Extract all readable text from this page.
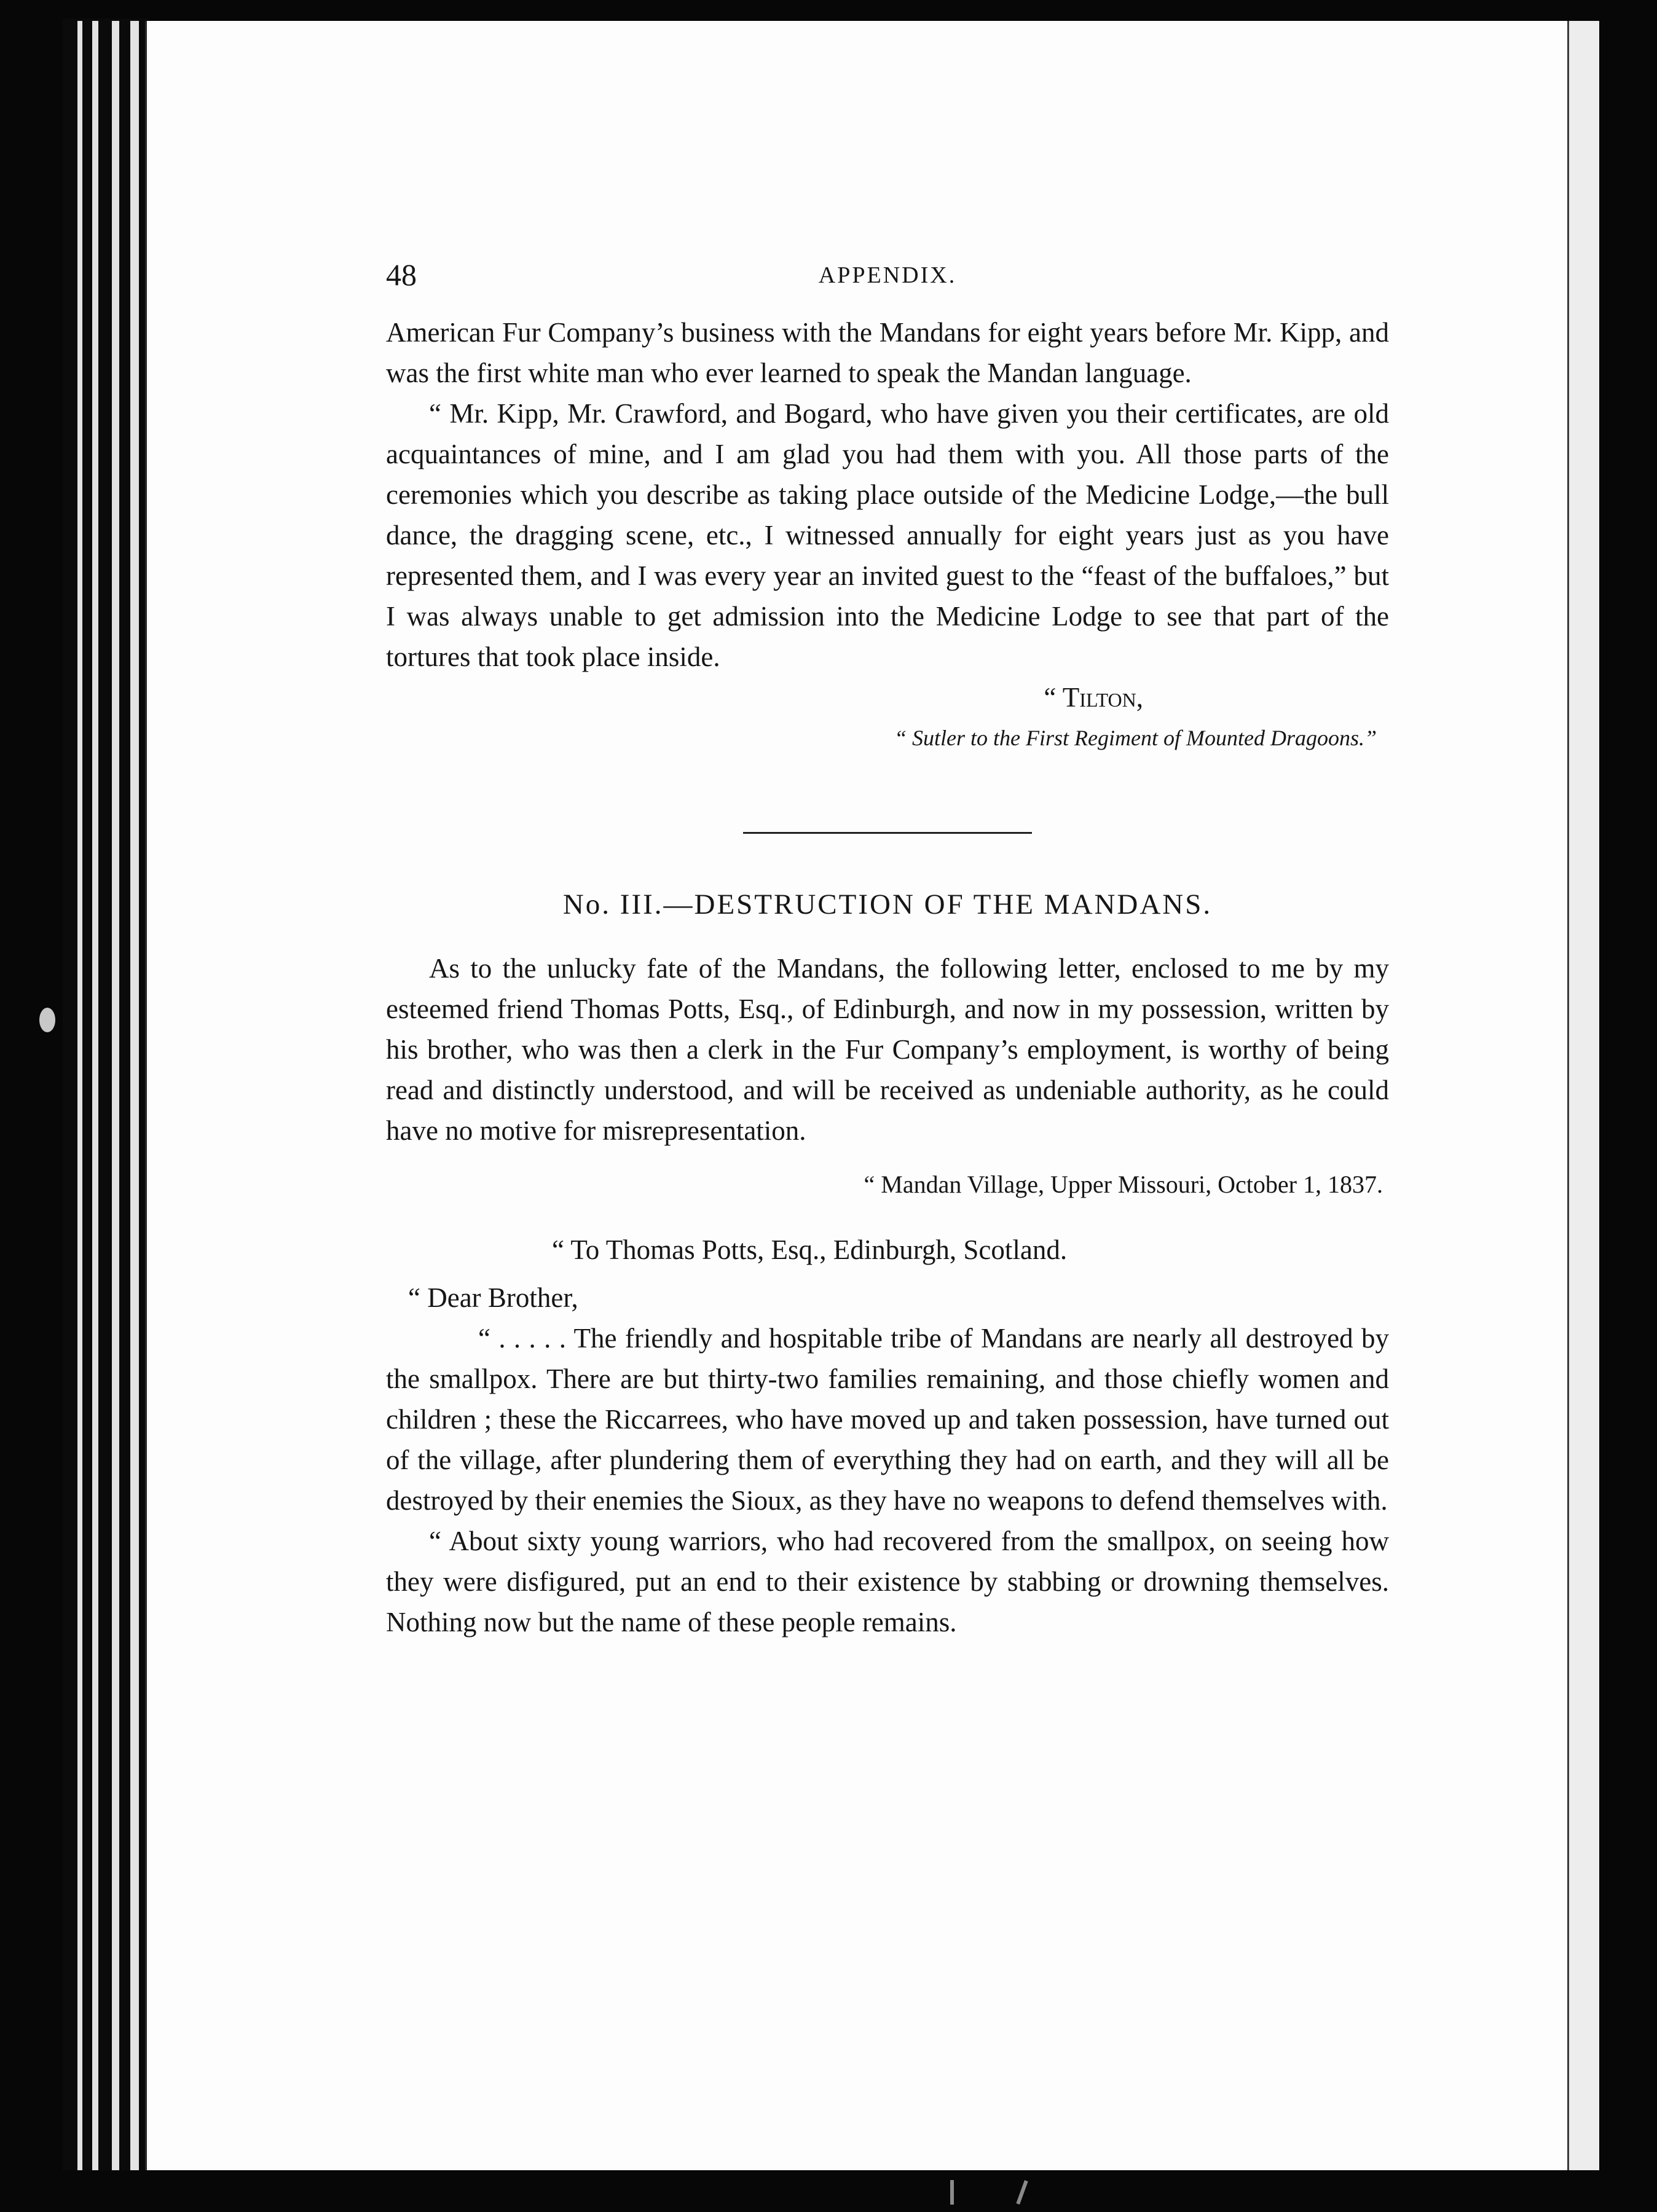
48	APPENDIX.

American Fur Company’s business with the Mandans for eight years before Mr. Kipp, and was the first white man who ever learned to speak the Mandan language.

“ Mr. Kipp, Mr. Crawford, and Bogard, who have given you their certificates, are old acquaintances of mine, and I am glad you had them with you. All those parts of the ceremonies which you describe as taking place outside of the Medicine Lodge,—the bull dance, the dragging scene, etc., I witnessed annually for eight years just as you have represented them, and I was every year an invited guest to the “feast of the buffaloes,” but I was always unable to get admission into the Medicine Lodge to see that part of the tortures that took place inside.

“ Tilton,
“ Sutler to the First Regiment of Mounted Dragoons.”
No. III.—DESTRUCTION OF THE MANDANS.

As to the unlucky fate of the Mandans, the following letter, enclosed to me by my esteemed friend Thomas Potts, Esq., of Edinburgh, and now in my possession, written by his brother, who was then a clerk in the Fur Company’s employment, is worthy of being read and distinctly understood, and will be received as undeniable authority, as he could have no motive for misrepresentation.

“ Mandan Village, Upper Missouri, October 1, 1837.
“ To Thomas Potts, Esq., Edinburgh, Scotland.
“ Dear Brother,

“ . . . . . The friendly and hospitable tribe of Mandans are nearly all destroyed by the smallpox. There are but thirty-two families remaining, and those chiefly women and children ; these the Riccarrees, who have moved up and taken possession, have turned out of the village, after plundering them of everything they had on earth, and they will all be destroyed by their enemies the Sioux, as they have no weapons to defend themselves with.

“ About sixty young warriors, who had recovered from the smallpox, on seeing how they were disfigured, put an end to their existence by stabbing or drowning themselves. Nothing now but the name of these people remains.
